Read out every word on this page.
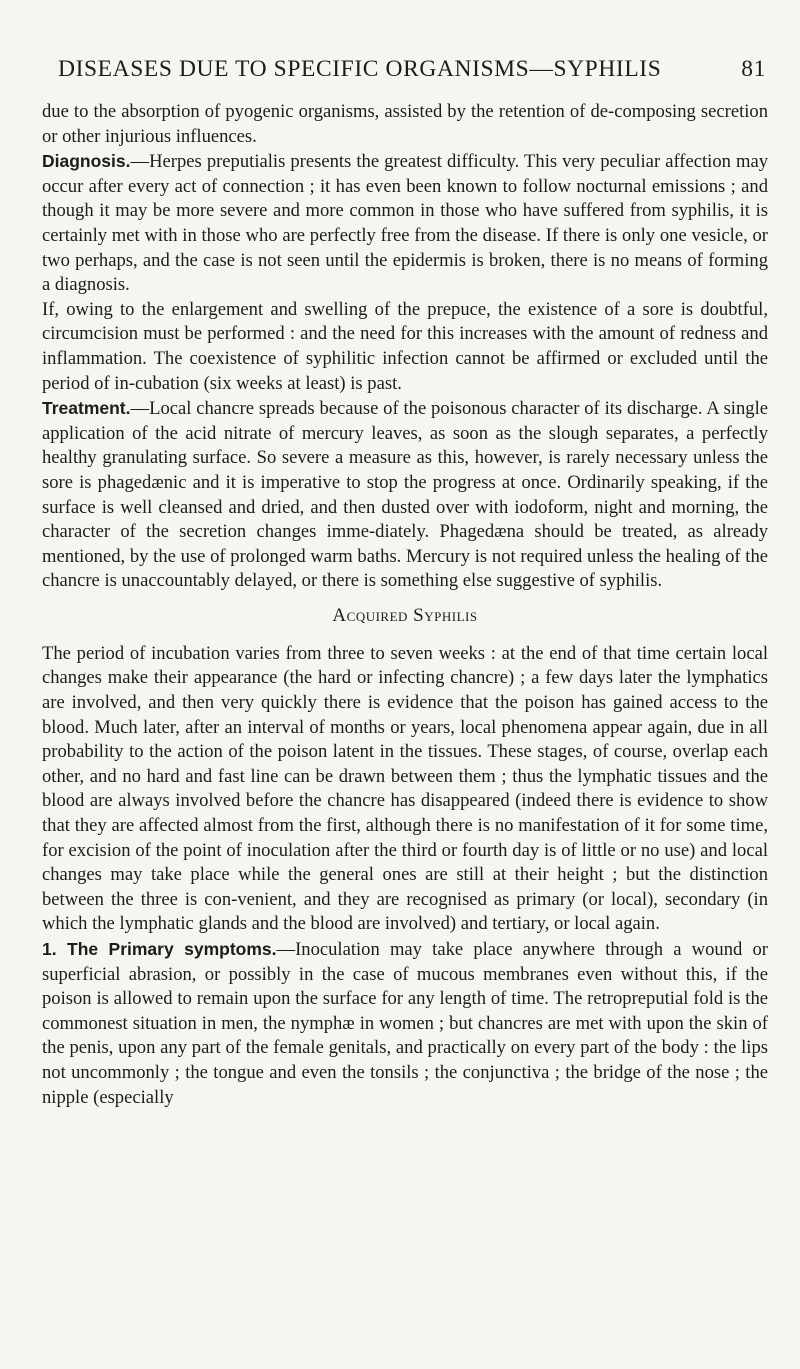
DISEASES DUE TO SPECIFIC ORGANISMS—SYPHILIS	81

due to the absorption of pyogenic organisms, assisted by the retention of de-composing secretion or other injurious influences.

Diagnosis.—Herpes preputialis presents the greatest difficulty. This very peculiar affection may occur after every act of connection ; it has even been known to follow nocturnal emissions ; and though it may be more severe and more common in those who have suffered from syphilis, it is certainly met with in those who are perfectly free from the disease. If there is only one vesicle, or two perhaps, and the case is not seen until the epidermis is broken, there is no means of forming a diagnosis.

If, owing to the enlargement and swelling of the prepuce, the existence of a sore is doubtful, circumcision must be performed : and the need for this increases with the amount of redness and inflammation. The coexistence of syphilitic infection cannot be affirmed or excluded until the period of in-cubation (six weeks at least) is past.

Treatment.—Local chancre spreads because of the poisonous character of its discharge. A single application of the acid nitrate of mercury leaves, as soon as the slough separates, a perfectly healthy granulating surface. So severe a measure as this, however, is rarely necessary unless the sore is phagedænic and it is imperative to stop the progress at once. Ordinarily speaking, if the surface is well cleansed and dried, and then dusted over with iodoform, night and morning, the character of the secretion changes imme-diately. Phagedæna should be treated, as already mentioned, by the use of prolonged warm baths. Mercury is not required unless the healing of the chancre is unaccountably delayed, or there is something else suggestive of syphilis.

Acquired Syphilis

The period of incubation varies from three to seven weeks : at the end of that time certain local changes make their appearance (the hard or infecting chancre) ; a few days later the lymphatics are involved, and then very quickly there is evidence that the poison has gained access to the blood. Much later, after an interval of months or years, local phenomena appear again, due in all probability to the action of the poison latent in the tissues. These stages, of course, overlap each other, and no hard and fast line can be drawn between them ; thus the lymphatic tissues and the blood are always involved before the chancre has disappeared (indeed there is evidence to show that they are affected almost from the first, although there is no manifestation of it for some time, for excision of the point of inoculation after the third or fourth day is of little or no use) and local changes may take place while the general ones are still at their height ; but the distinction between the three is con-venient, and they are recognised as primary (or local), secondary (in which the lymphatic glands and the blood are involved) and tertiary, or local again.

1. The Primary symptoms.—Inoculation may take place anywhere through a wound or superficial abrasion, or possibly in the case of mucous membranes even without this, if the poison is allowed to remain upon the surface for any length of time. The retropreputial fold is the commonest situation in men, the nymphæ in women ; but chancres are met with upon the skin of the penis, upon any part of the female genitals, and practically on every part of the body : the lips not uncommonly ; the tongue and even the tonsils ; the conjunctiva ; the bridge of the nose ; the nipple (especially
